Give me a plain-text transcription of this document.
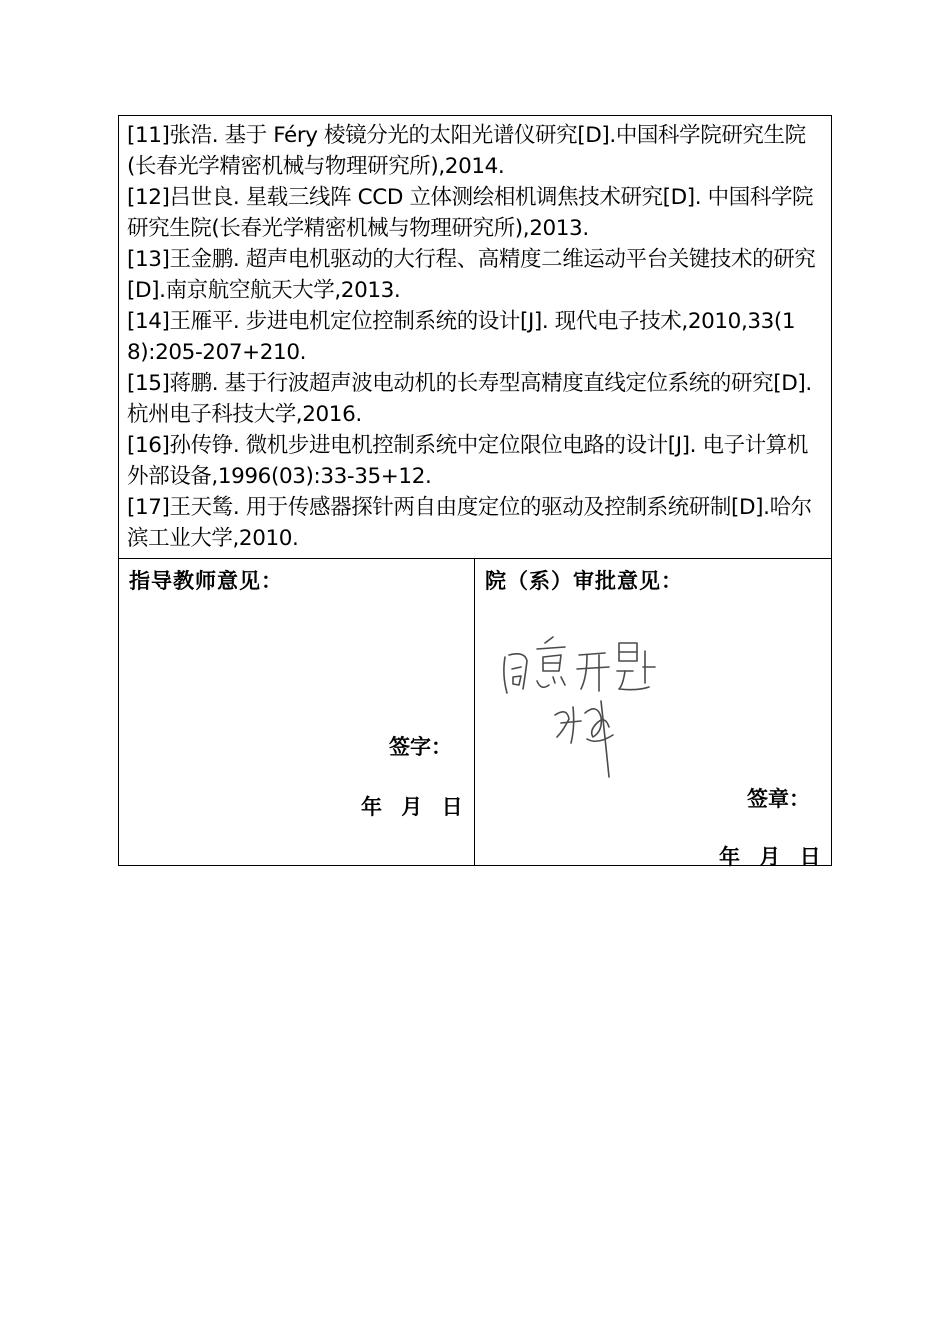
[11]张浩. 基于 Féry 棱镜分光的太阳光谱仪研究[D].中国科学院研究生院(长春光学精密机械与物理研究所),2014.

[12]吕世良. 星载三线阵 CCD 立体测绘相机调焦技术研究[D]. 中国科学院研究生院(长春光学精密机械与物理研究所),2013.

[13]王金鹏. 超声电机驱动的大行程、高精度二维运动平台关键技术的研究[D].南京航空航天大学,2013.

[14]王雁平. 步进电机定位控制系统的设计[J]. 现代电子技术,2010,33(18):205-207+210.

[15]蒋鹏. 基于行波超声波电动机的长寿型高精度直线定位系统的研究[D].杭州电子科技大学,2016.

[16]孙传铮. 微机步进电机控制系统中定位限位电路的设计[J]. 电子计算机外部设备,1996(03):33-35+12.

[17]王天鸶. 用于传感器探针两自由度定位的驱动及控制系统研制[D].哈尔滨工业大学,2010.

指导教师意见：
签字：
年 月 日
院（系）审批意见：
签章：
年 月 日
